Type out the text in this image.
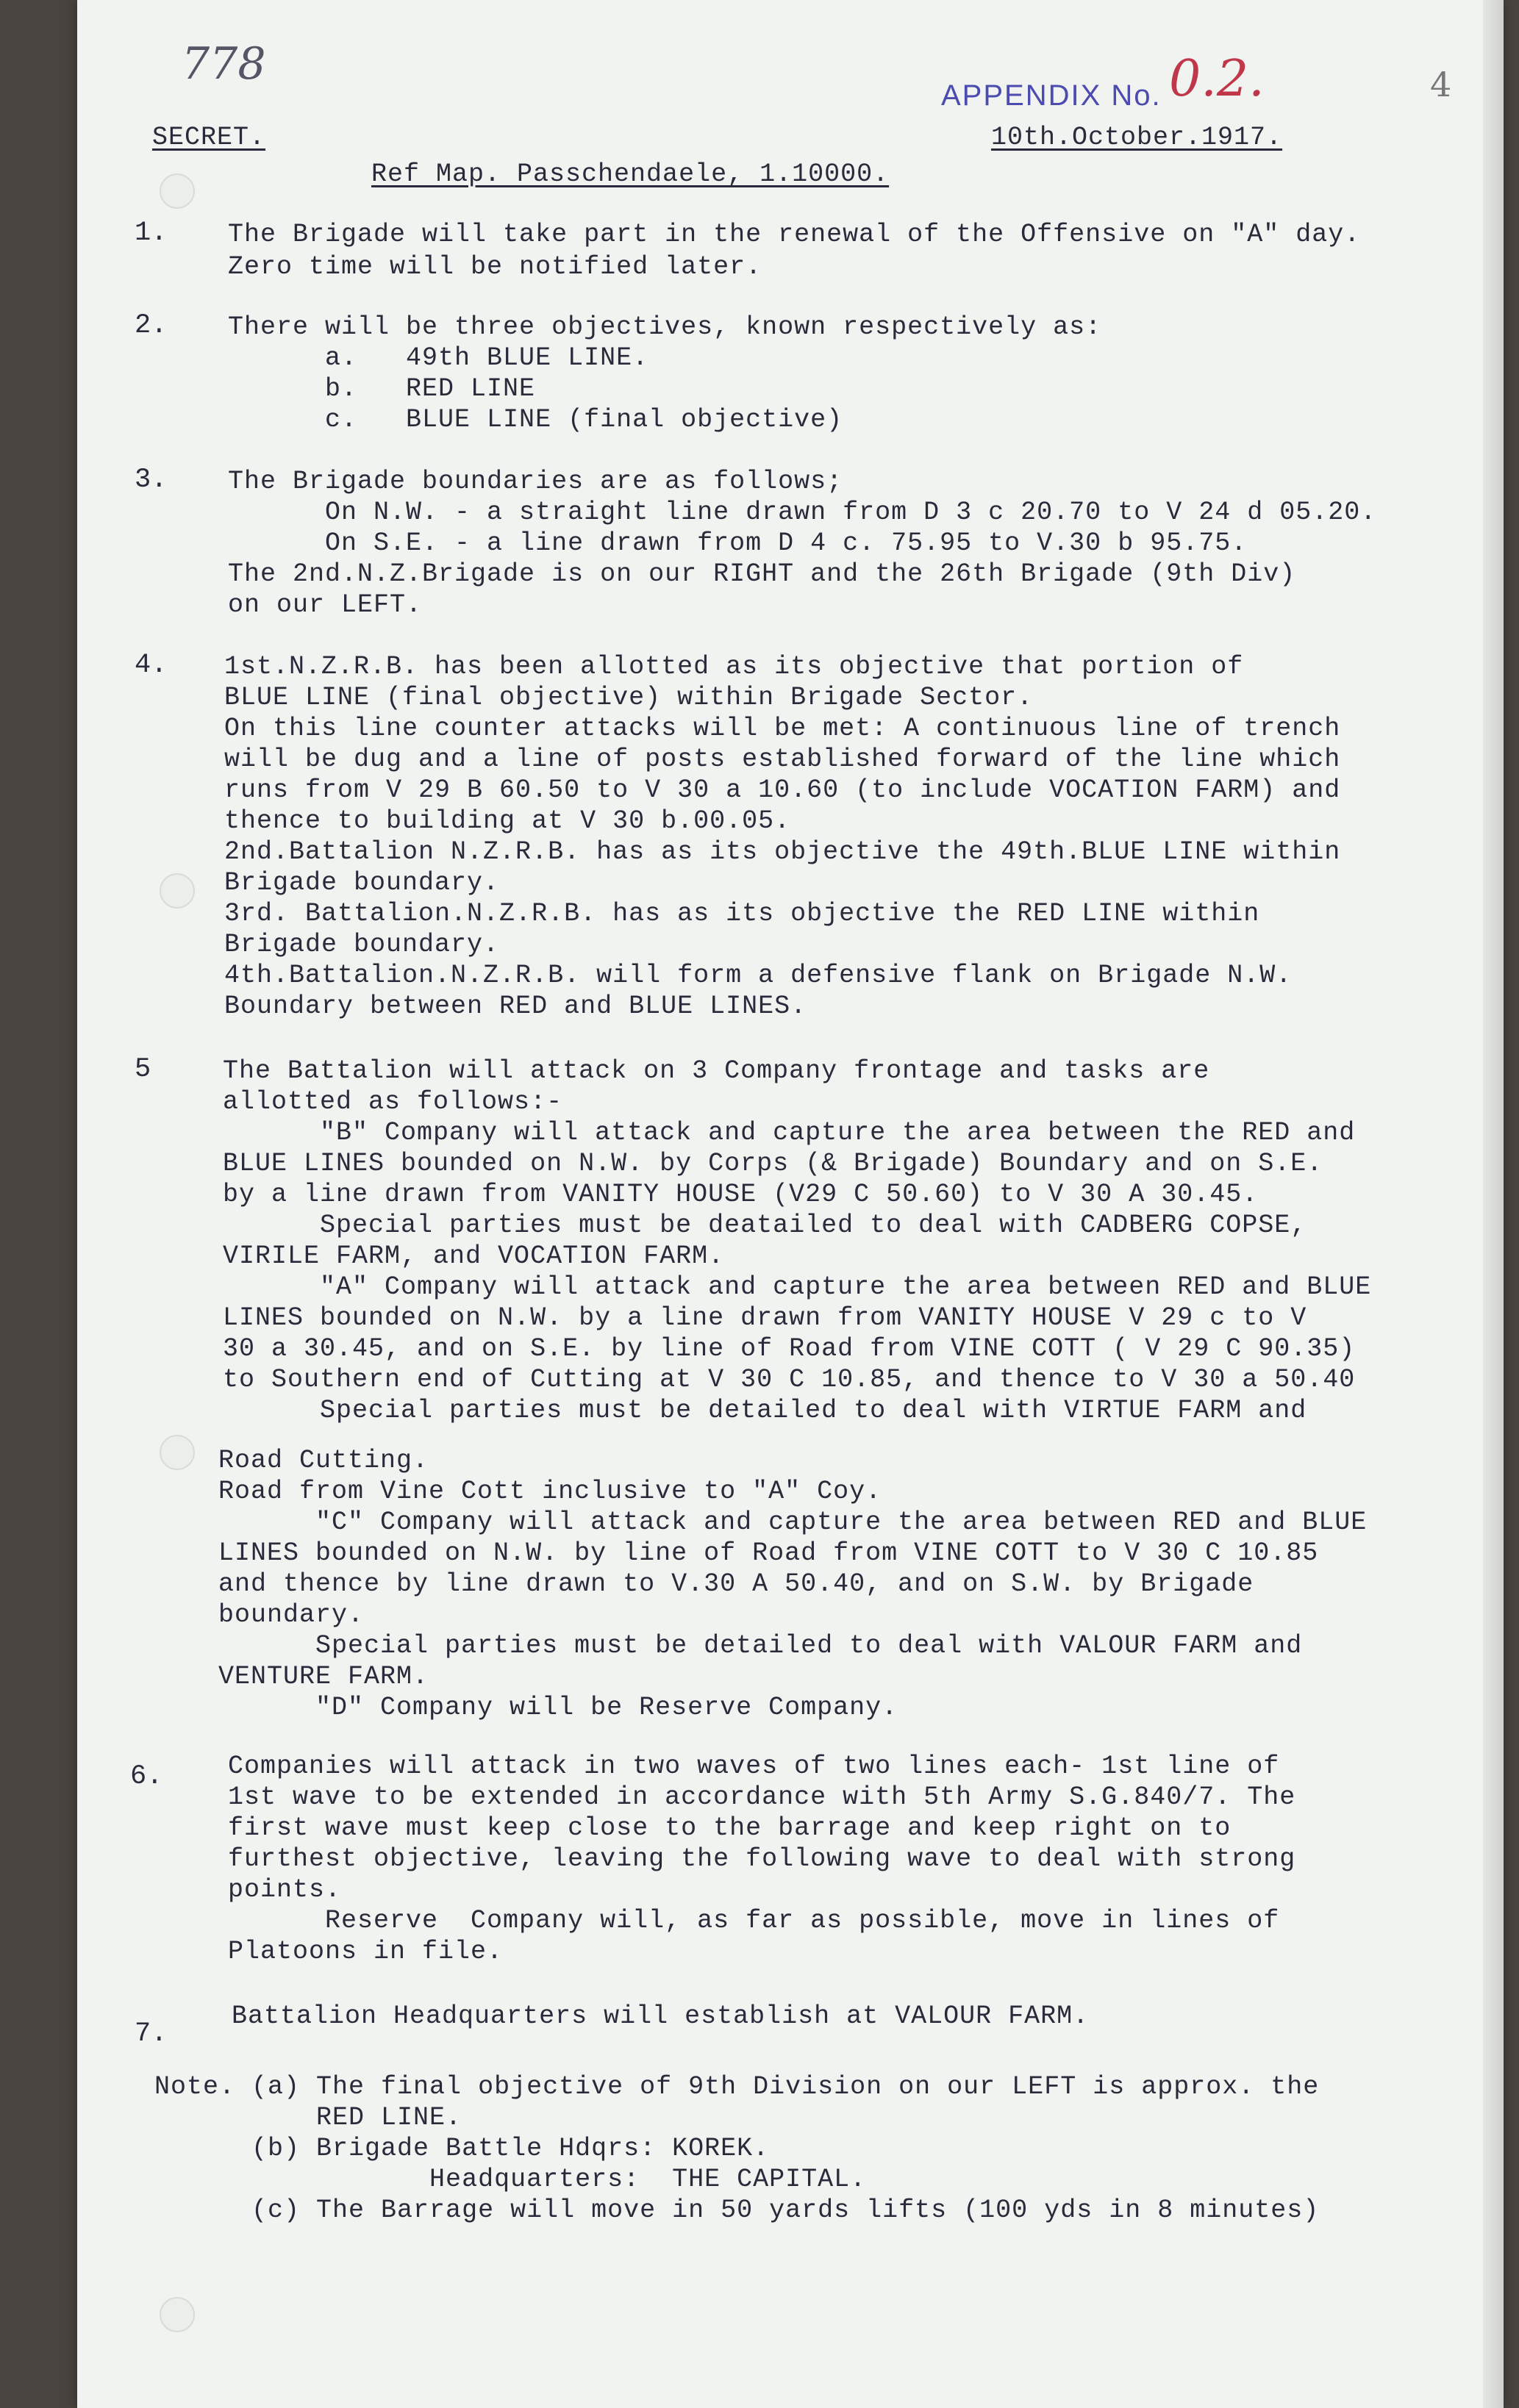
778
APPENDIX No. 0.2.	4
SECRET.	10th.October.1917.
Ref Map. Passchendaele, 1.10000.
1. The Brigade will take part in the renewal of the Offensive on "A" day.
Zero time will be notified later.
2. There will be three objectives, known respectively as:
a.   49th BLUE LINE.
b.   RED LINE
c.   BLUE LINE (final objective)
3. The Brigade boundaries are as follows;
On N.W. - a straight line drawn from D 3 c 20.70 to V 24 d 05.20.
On S.E. - a line drawn from D 4 c. 75.95 to V.30 b 95.75.
The 2nd.N.Z.Brigade is on our RIGHT and the 26th Brigade (9th Div)
on our LEFT.
4. 1st.N.Z.R.B. has been allotted as its objective that portion of
BLUE LINE (final objective) within Brigade Sector.
On this line counter attacks will be met: A continuous line of trench
will be dug and a line of posts established forward of the line which
runs from V 29 B 60.50 to V 30 a 10.60 (to include VOCATION FARM) and
thence to building at V 30 b.00.05.
2nd.Battalion N.Z.R.B. has as its objective the 49th.BLUE LINE within
Brigade boundary.
3rd. Battalion.N.Z.R.B. has as its objective the RED LINE within
Brigade boundary.
4th.Battalion.N.Z.R.B. will form a defensive flank on Brigade N.W.
Boundary between RED and BLUE LINES.
5	The Battalion will attack on 3 Company frontage and tasks are
allotted as follows:-
"B" Company will attack and capture the area between the RED and
BLUE LINES bounded on N.W. by Corps (& Brigade) Boundary and on S.E.
by a line drawn from VANITY HOUSE (V29 C 50.60) to V 30 A 30.45.
Special parties must be deatailed to deal with CADBERG COPSE,
VIRILE FARM, and VOCATION FARM.
"A" Company will attack and capture the area between RED and BLUE
LINES bounded on N.W. by a line drawn from VANITY HOUSE V 29 c to V
30 a 30.45, and on S.E. by line of Road from VINE COTT ( V 29 C 90.35)
to Southern end of Cutting at V 30 C 10.85, and thence to V 30 a 50.40
Special parties must be detailed to deal with VIRTUE FARM and
Road Cutting.
Road from Vine Cott inclusive to "A" Coy.
"C" Company will attack and capture the area between RED and BLUE
LINES bounded on N.W. by line of Road from VINE COTT to V 30 C 10.85
and thence by line drawn to V.30 A 50.40, and on S.W. by Brigade
boundary.
Special parties must be detailed to deal with VALOUR FARM and
VENTURE FARM.
"D" Company will be Reserve Company.
6.	Companies will attack in two waves of two lines each- 1st line of
1st wave to be extended in accordance with 5th Army S.G.840/7. The
first wave must keep close to the barrage and keep right on to
furthest objective, leaving the following wave to deal with strong
points.
Reserve  Company will, as far as possible, move in lines of
Platoons in file.
7.
Battalion Headquarters will establish at VALOUR FARM.
Note. (a) The final objective of 9th Division on our LEFT is approx. the
RED LINE.
(b) Brigade Battle Hdqrs: KOREK.
Headquarters:  THE CAPITAL.
(c) The Barrage will move in 50 yards lifts (100 yds in 8 minutes)
